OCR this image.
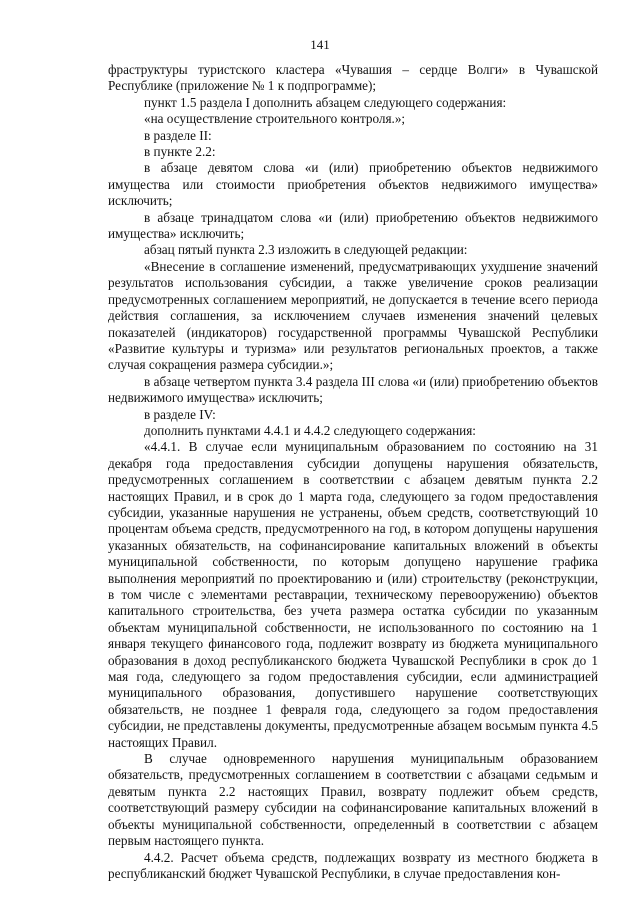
141

фраструктуры туристского кластера «Чувашия – сердце Волги» в Чувашской Республике (приложение № 1 к подпрограмме);

пункт 1.5 раздела I дополнить абзацем следующего содержания:

«на осуществление строительного контроля.»;

в разделе II:

в пункте 2.2:

в абзаце девятом слова «и (или) приобретению объектов недвижимого имущества или стоимости приобретения объектов недвижимого имущества» исключить;

в абзаце тринадцатом слова «и (или) приобретению объектов недвижимого имущества» исключить;

абзац пятый пункта 2.3 изложить в следующей редакции:

«Внесение в соглашение изменений, предусматривающих ухудшение значений результатов использования субсидии, а также увеличение сроков реализации предусмотренных соглашением мероприятий, не допускается в течение всего периода действия соглашения, за исключением случаев изменения значений целевых показателей (индикаторов) государственной программы Чувашской Республики «Развитие культуры и туризма» или результатов региональных проектов, а также случая сокращения размера субсидии.»;

в абзаце четвертом пункта 3.4 раздела III слова «и (или) приобретению объектов недвижимого имущества» исключить;

в разделе IV:

дополнить пунктами 4.4.1 и 4.4.2 следующего содержания:

«4.4.1. В случае если муниципальным образованием по состоянию на 31 декабря года предоставления субсидии допущены нарушения обязательств, предусмотренных соглашением в соответствии с абзацем девятым пункта 2.2 настоящих Правил, и в срок до 1 марта года, следующего за годом предоставления субсидии, указанные нарушения не устранены, объем средств, соответствующий 10 процентам объема средств, предусмотренного на год, в котором допущены нарушения указанных обязательств, на софинансирование капитальных вложений в объекты муниципальной собственности, по которым допущено нарушение графика выполнения мероприятий по проектированию и (или) строительству (реконструкции, в том числе с элементами реставрации, техническому перевооружению) объектов капитального строительства, без учета размера остатка субсидии по указанным объектам муниципальной собственности, не использованного по состоянию на 1 января текущего финансового года, подлежит возврату из бюджета муниципального образования в доход республиканского бюджета Чувашской Республики в срок до 1 мая года, следующего за годом предоставления субсидии, если администрацией муниципального образования, допустившего нарушение соответствующих обязательств, не позднее 1 февраля года, следующего за годом предоставления субсидии, не представлены документы, предусмотренные абзацем восьмым пункта 4.5 настоящих Правил.

В случае одновременного нарушения муниципальным образованием обязательств, предусмотренных соглашением в соответствии с абзацами седьмым и девятым пункта 2.2 настоящих Правил, возврату подлежит объем средств, соответствующий размеру субсидии на софинансирование капитальных вложений в объекты муниципальной собственности, определенный в соответствии с абзацем первым настоящего пункта.

4.4.2. Расчет объема средств, подлежащих возврату из местного бюджета в республиканский бюджет Чувашской Республики, в случае предоставления кон-
